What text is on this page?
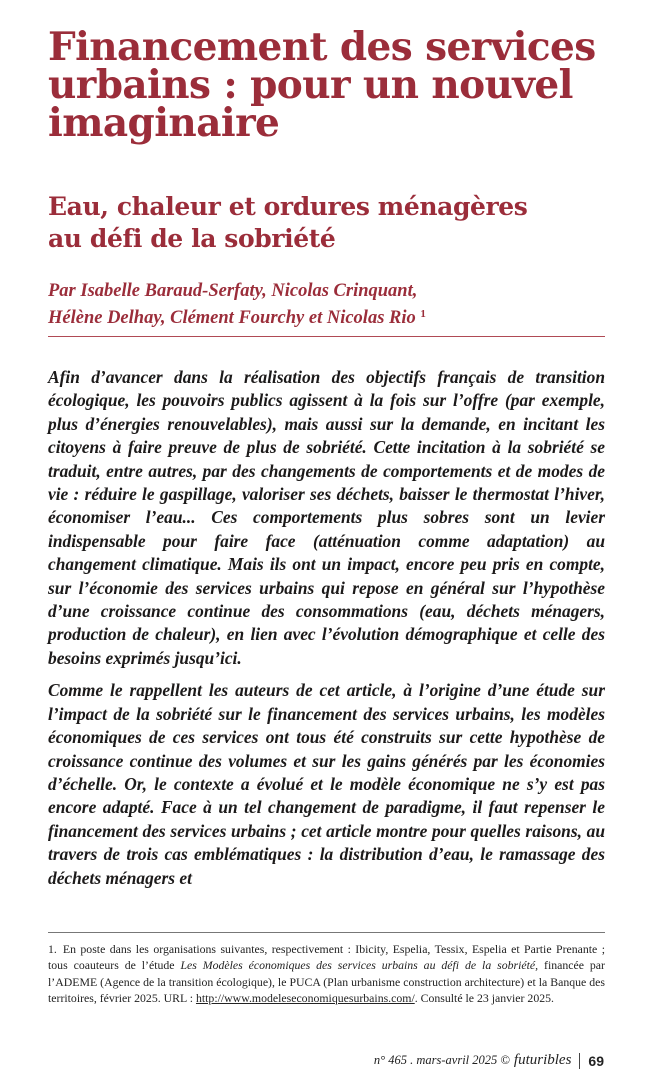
Financement des services urbains : pour un nouvel imaginaire
Eau, chaleur et ordures ménagères
au défi de la sobriété

Par Isabelle Baraud-Serfaty, Nicolas Crinquant,
Hélène Delhay, Clément Fourchy et Nicolas Rio $^1$

Afin d’avancer dans la réalisation des objectifs français de transition écologique, les pouvoirs publics agissent à la fois sur l’offre (par exemple, plus d’énergies renouvelables), mais aussi sur la demande, en incitant les citoyens à faire preuve de plus de sobriété. Cette incitation à la sobriété se traduit, entre autres, par des changements de comportements et de modes de vie : réduire le gaspillage, valoriser ses déchets, baisser le thermostat l’hiver, économiser l’eau... Ces comportements plus sobres sont un levier indispensable pour faire face (atténuation comme adaptation) au changement climatique. Mais ils ont un impact, encore peu pris en compte, sur l’économie des services urbains qui repose en général sur l’hypothèse d’une croissance continue des consommations (eau, déchets ménagers, production de chaleur), en lien avec l’évolution démographique et celle des besoins exprimés jusqu’ici.

Comme le rappellent les auteurs de cet article, à l’origine d’une étude sur l’impact de la sobriété sur le financement des services urbains, les modèles économiques de ces services ont tous été construits sur cette hypothèse de croissance continue des volumes et sur les gains générés par les économies d’échelle. Or, le contexte a évolué et le modèle économique ne s’y est pas encore adapté. Face à un tel changement de paradigme, il faut repenser le financement des services urbains ; cet article montre pour quelles raisons, au travers de trois cas emblématiques : la distribution d’eau, le ramassage des déchets ménagers et

1. En poste dans les organisations suivantes, respectivement : Ibicity, Espelia, Tessix, Espelia et Partie Prenante ; tous coauteurs de l’étude Les Modèles économiques des services urbains au défi de la sobriété, financée par l’ADEME (Agence de la transition écologique), le PUCA (Plan urbanisme construction architecture) et la Banque des territoires, février 2025. URL : http://www.modeleseconomiquesurbains.com/. Consulté le 23 janvier 2025.

n° 465 . mars-avril 2025 © futuribles 69
